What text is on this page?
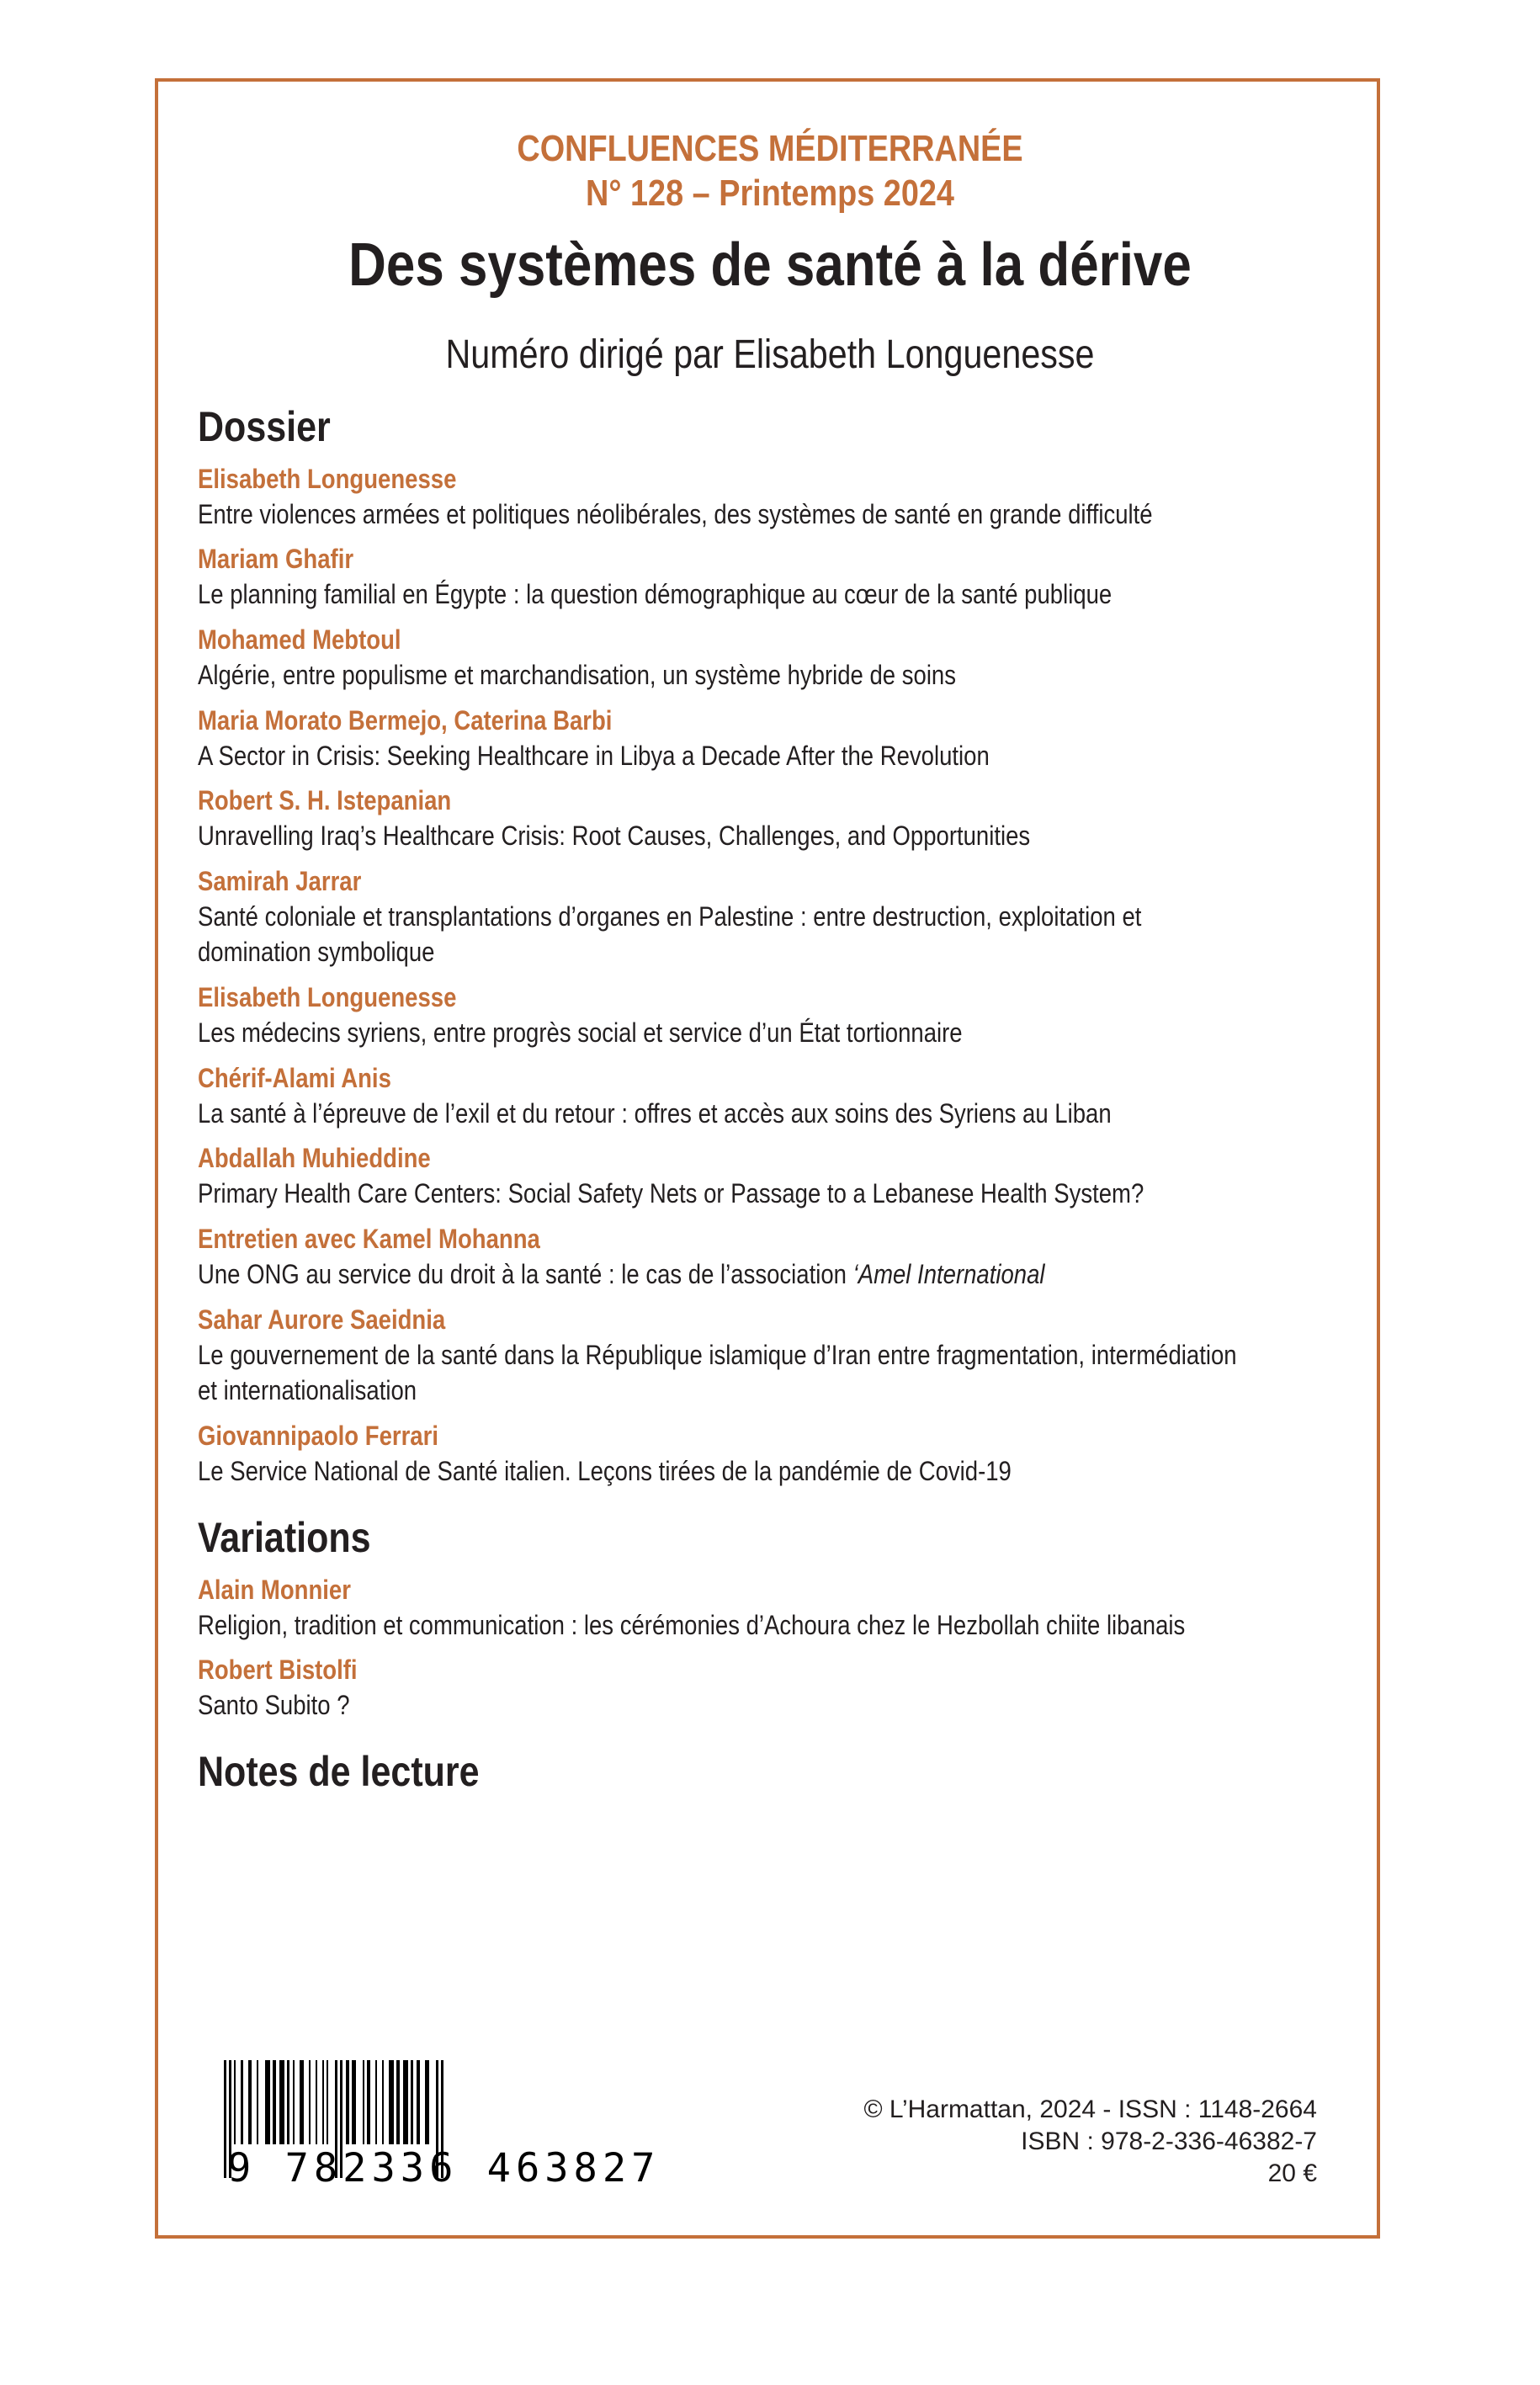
CONFLUENCES MÉDITERRANÉE
N° 128 – Printemps 2024
Des systèmes de santé à la dérive
Numéro dirigé par Elisabeth Longuenesse
Dossier
Elisabeth Longuenesse
Entre violences armées et politiques néolibérales, des systèmes de santé en grande difficulté
Mariam Ghafir
Le planning familial en Égypte : la question démographique au cœur de la santé publique
Mohamed Mebtoul
Algérie, entre populisme et marchandisation, un système hybride de soins
Maria Morato Bermejo, Caterina Barbi
A Sector in Crisis: Seeking Healthcare in Libya a Decade After the Revolution
Robert S. H. Istepanian
Unravelling Iraq’s Healthcare Crisis: Root Causes, Challenges, and Opportunities
Samirah Jarrar
Santé coloniale et transplantations d’organes en Palestine : entre destruction, exploitation et domination symbolique
Elisabeth Longuenesse
Les médecins syriens, entre progrès social et service d’un État tortionnaire
Chérif-Alami Anis
La santé à l’épreuve de l’exil et du retour : offres et accès aux soins des Syriens au Liban
Abdallah Muhieddine
Primary Health Care Centers: Social Safety Nets or Passage to a Lebanese Health System?
Entretien avec Kamel Mohanna
Une ONG au service du droit à la santé : le cas de l’association ‘Amel International
Sahar Aurore Saeidnia
Le gouvernement de la santé dans la République islamique d’Iran entre fragmentation, intermédiation et internationalisation
Giovannipaolo Ferrari
Le Service National de Santé italien. Leçons tirées de la pandémie de Covid-19
Variations
Alain Monnier
Religion, tradition et communication : les cérémonies d’Achoura chez le Hezbollah chiite libanais
Robert Bistolfi
Santo Subito ?
Notes de lecture
9 782336 463827
© L’Harmattan, 2024 - ISSN : 1148-2664
ISBN : 978-2-336-46382-7
20 €
